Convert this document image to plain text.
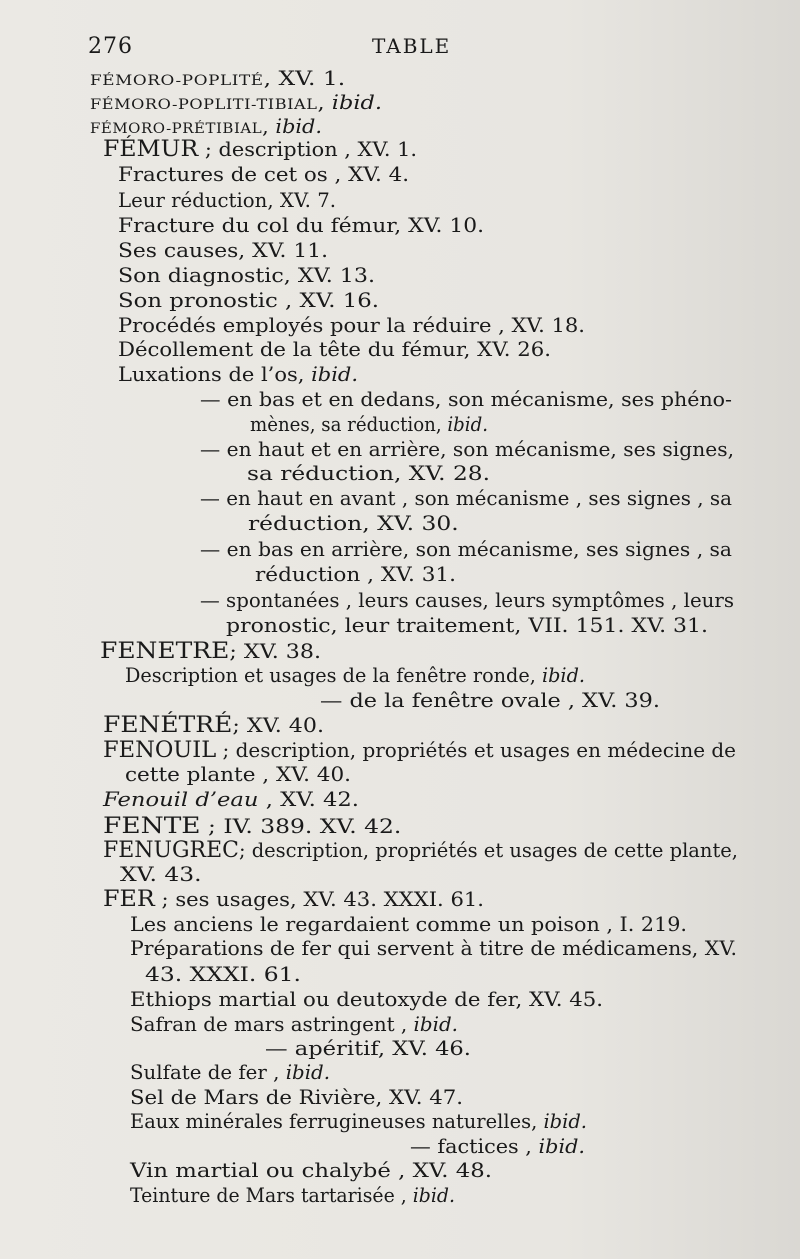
276	TABLE
FÉMORO-POPLITÉ, XV. 1.
FÉMORO-POPLITI-TIBIAL, ibid.
FÉMORO-PRÉTIBIAL, ibid.
FÉMUR ; description , XV. 1.
Fractures de cet os , XV. 4.
Leur réduction, XV. 7.
Fracture du col du fémur, XV. 10.
Ses causes, XV. 11.
Son diagnostic, XV. 13.
Son pronostic , XV. 16.
Procédés employés pour la réduire , XV. 18.
Décollement de la tête du fémur, XV. 26.
Luxations de l’os, ibid.
— en bas et en dedans, son mécanisme, ses phéno-
mènes, sa réduction, ibid.
— en haut et en arrière, son mécanisme, ses signes,
sa réduction, XV. 28.
— en haut en avant , son mécanisme , ses signes , sa
réduction, XV. 30.
— en bas en arrière, son mécanisme, ses signes , sa
réduction , XV. 31.
— spontanées , leurs causes, leurs symptômes , leurs
pronostic, leur traitement, VII. 151. XV. 31.
FENETRE; XV. 38.
Description et usages de la fenêtre ronde, ibid.
— de la fenêtre ovale , XV. 39.
FENÉTRÉ; XV. 40.
FENOUIL ; description, propriétés et usages en médecine de
cette plante , XV. 40.
Fenouil d’eau , XV. 42.
FENTE ; IV. 389. XV. 42.
FENUGREC; description, propriétés et usages de cette plante,
XV. 43.
FER ; ses usages, XV. 43. XXXI. 61.
Les anciens le regardaient comme un poison , I. 219.
Préparations de fer qui servent à titre de médicamens, XV.
43. XXXI. 61.
Ethiops martial ou deutoxyde de fer, XV. 45.
Safran de mars astringent , ibid.
— apéritif, XV. 46.
Sulfate de fer , ibid.
Sel de Mars de Rivière, XV. 47.
Eaux minérales ferrugineuses naturelles, ibid.
— factices , ibid.
Vin martial ou chalybé , XV. 48.
Teinture de Mars tartarisée , ibid.
